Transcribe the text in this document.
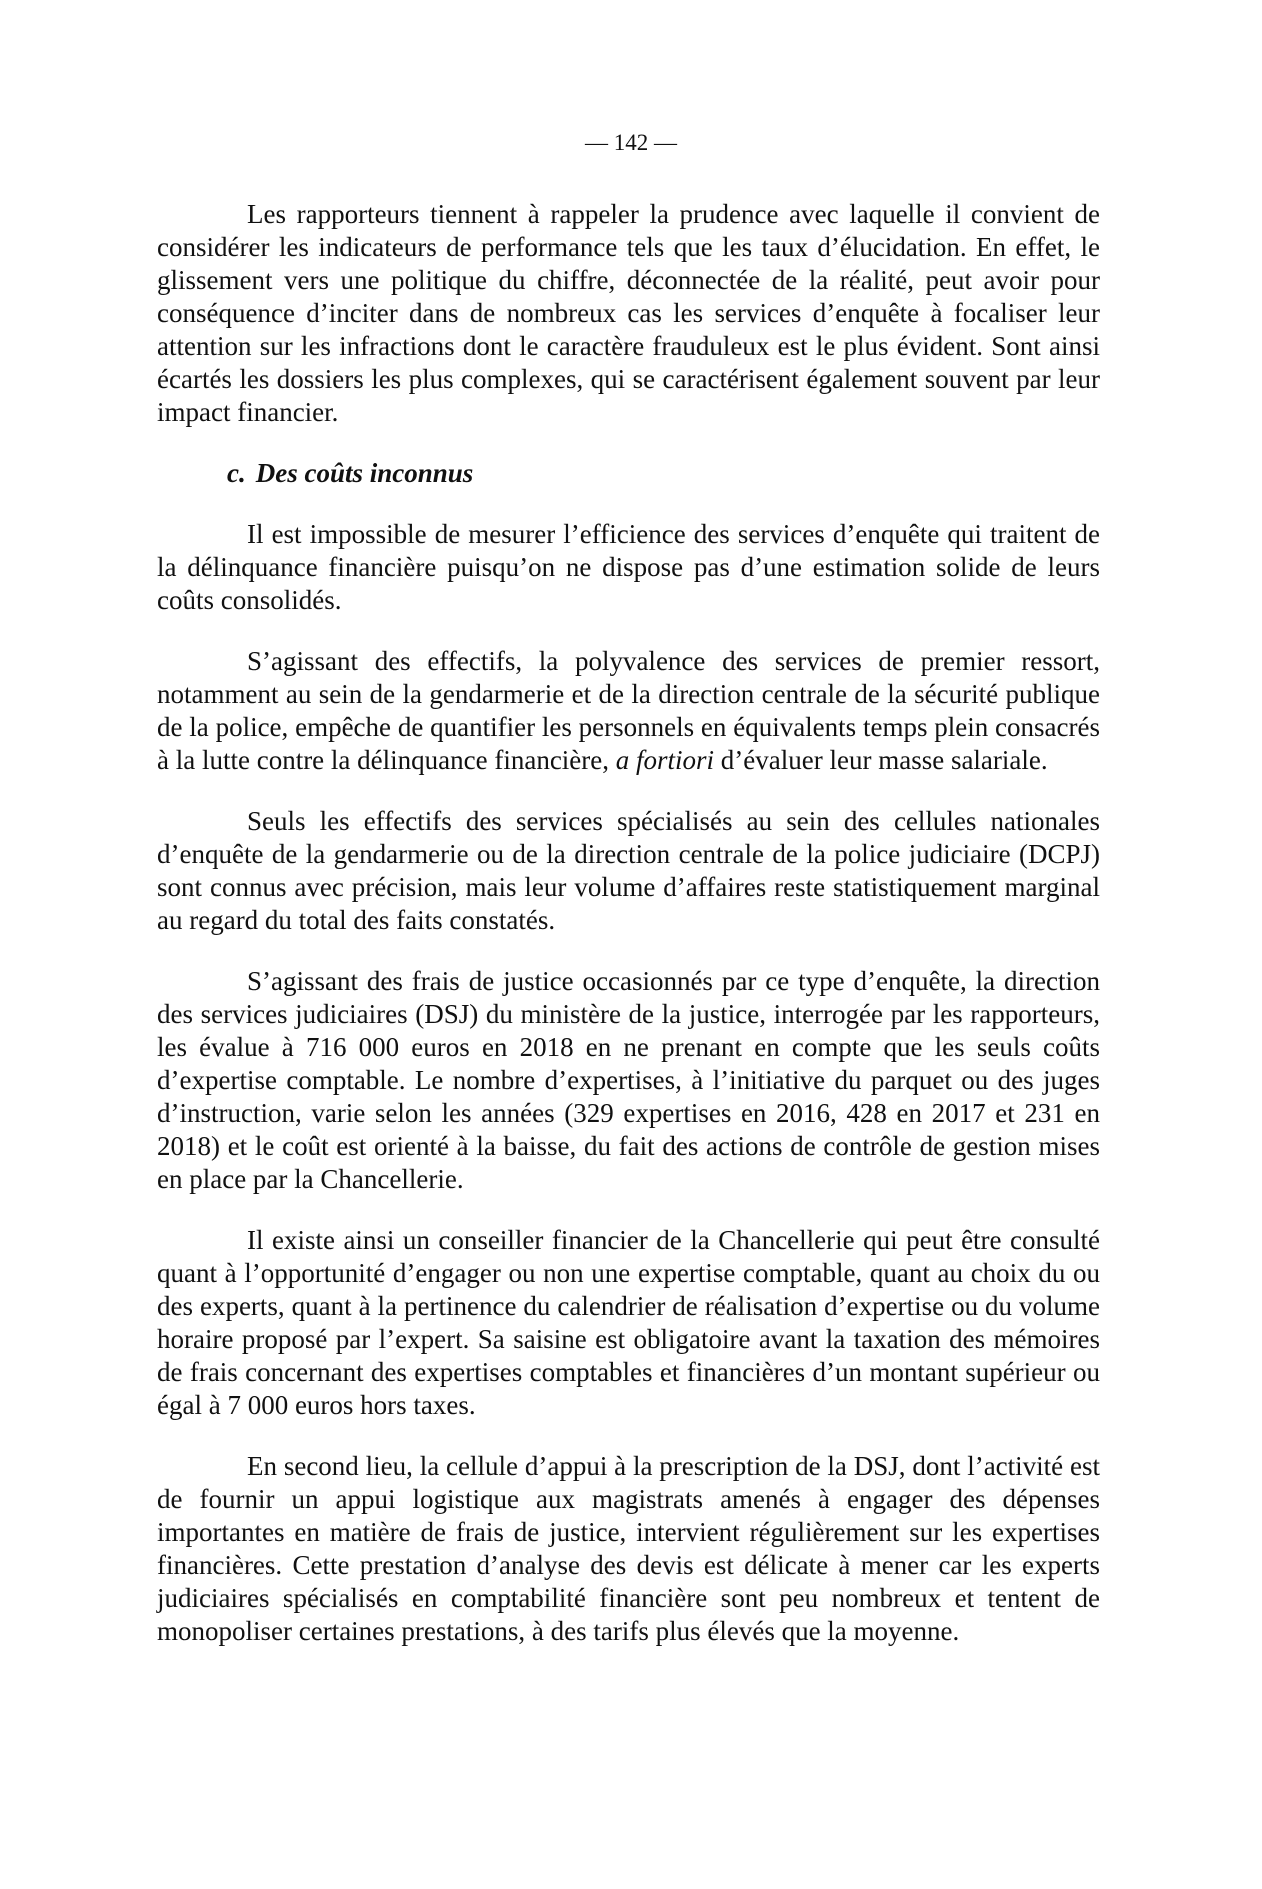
— 142 —

Les rapporteurs tiennent à rappeler la prudence avec laquelle il convient de considérer les indicateurs de performance tels que les taux d’élucidation. En effet, le glissement vers une politique du chiffre, déconnectée de la réalité, peut avoir pour conséquence d’inciter dans de nombreux cas les services d’enquête à focaliser leur attention sur les infractions dont le caractère frauduleux est le plus évident. Sont ainsi écartés les dossiers les plus complexes, qui se caractérisent également souvent par leur impact financier.

c. Des coûts inconnus

Il est impossible de mesurer l’efficience des services d’enquête qui traitent de la délinquance financière puisqu’on ne dispose pas d’une estimation solide de leurs coûts consolidés.

S’agissant des effectifs, la polyvalence des services de premier ressort, notamment au sein de la gendarmerie et de la direction centrale de la sécurité publique de la police, empêche de quantifier les personnels en équivalents temps plein consacrés à la lutte contre la délinquance financière, a fortiori d’évaluer leur masse salariale.

Seuls les effectifs des services spécialisés au sein des cellules nationales d’enquête de la gendarmerie ou de la direction centrale de la police judiciaire (DCPJ) sont connus avec précision, mais leur volume d’affaires reste statistiquement marginal au regard du total des faits constatés.

S’agissant des frais de justice occasionnés par ce type d’enquête, la direction des services judiciaires (DSJ) du ministère de la justice, interrogée par les rapporteurs, les évalue à 716 000 euros en 2018 en ne prenant en compte que les seuls coûts d’expertise comptable. Le nombre d’expertises, à l’initiative du parquet ou des juges d’instruction, varie selon les années (329 expertises en 2016, 428 en 2017 et 231 en 2018) et le coût est orienté à la baisse, du fait des actions de contrôle de gestion mises en place par la Chancellerie.

Il existe ainsi un conseiller financier de la Chancellerie qui peut être consulté quant à l’opportunité d’engager ou non une expertise comptable, quant au choix du ou des experts, quant à la pertinence du calendrier de réalisation d’expertise ou du volume horaire proposé par l’expert. Sa saisine est obligatoire avant la taxation des mémoires de frais concernant des expertises comptables et financières d’un montant supérieur ou égal à 7 000 euros hors taxes.

En second lieu, la cellule d’appui à la prescription de la DSJ, dont l’activité est de fournir un appui logistique aux magistrats amenés à engager des dépenses importantes en matière de frais de justice, intervient régulièrement sur les expertises financières. Cette prestation d’analyse des devis est délicate à mener car les experts judiciaires spécialisés en comptabilité financière sont peu nombreux et tentent de monopoliser certaines prestations, à des tarifs plus élevés que la moyenne.
